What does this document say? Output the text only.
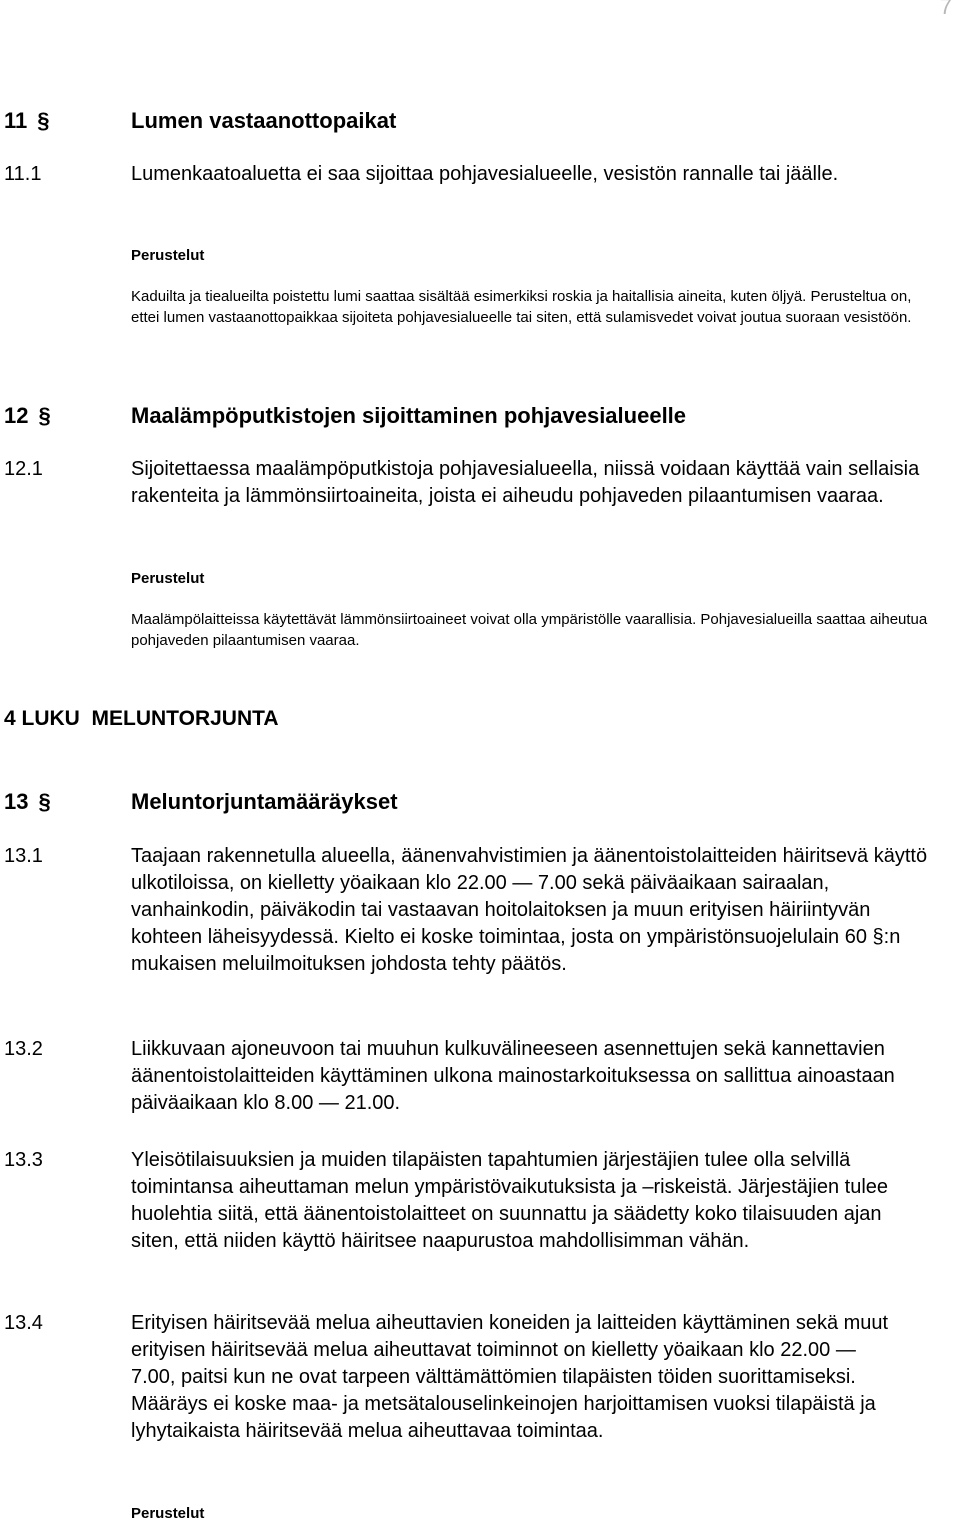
7
11 §	Lumen vastaanottopaikat
11.1	Lumenkaatoaluetta ei saa sijoittaa pohjavesialueelle, vesistön rannalle tai jäälle.
Perustelut
Kaduilta ja tiealueilta poistettu lumi saattaa sisältää esimerkiksi roskia ja haitallisia aineita, kuten öljyä. Perusteltua on, ettei lumen vastaanottopaikkaa sijoiteta pohjavesialueelle tai siten, että sulamisvedet voivat joutua suoraan vesistöön.
12 §	Maalämpöputkistojen sijoittaminen pohjavesialueelle
12.1	Sijoitettaessa maalämpöputkistoja pohjavesialueella, niissä voidaan käyttää vain sellaisia rakenteita ja lämmönsiirtoaineita, joista ei aiheudu pohjaveden pilaantumisen vaaraa.
Perustelut
Maalämpölaitteissa käytettävät lämmönsiirtoaineet voivat olla ympäristölle vaarallisia. Pohjavesialueilla saattaa aiheutua pohjaveden pilaantumisen vaaraa.
4 LUKU MELUNTORJUNTA
13 §	Meluntorjuntamääräykset
13.1	Taajaan rakennetulla alueella, äänenvahvistimien ja äänentoistolaitteiden häiritsevä käyttö ulkotiloissa, on kielletty yöaikaan klo 22.00 — 7.00 sekä päiväaikaan sairaalan, vanhainkodin, päiväkodin tai vastaavan hoitolaitoksen ja muun erityisen häiriintyvän kohteen läheisyydessä. Kielto ei koske toimintaa, josta on ympäristönsuojelulain 60 §:n mukaisen meluilmoituksen johdosta tehty päätös.
13.2	Liikkuvaan ajoneuvoon tai muuhun kulkuvälineeseen asennettujen sekä kannettavien äänentoistolaitteiden käyttäminen ulkona mainostarkoituksessa on sallittua ainoastaan päiväaikaan klo 8.00 — 21.00.
13.3	Yleisötilaisuuksien ja muiden tilapäisten tapahtumien järjestäjien tulee olla selvillä toimintansa aiheuttaman melun ympäristövaikutuksista ja –riskeistä. Järjestäjien tulee huolehtia siitä, että äänentoistolaitteet on suunnattu ja säädetty koko tilaisuuden ajan siten, että niiden käyttö häiritsee naapurustoa mahdollisimman vähän.
13.4	Erityisen häiritsevää melua aiheuttavien koneiden ja laitteiden käyttäminen sekä muut erityisen häiritsevää melua aiheuttavat toiminnot on kielletty yöaikaan klo 22.00 — 7.00, paitsi kun ne ovat tarpeen välttämättömien tilapäisten töiden suorittamiseksi. Määräys ei koske maa- ja metsätalouselinkeinojen harjoittamisen vuoksi tilapäistä ja lyhytaikaista häiritsevää melua aiheuttavaa toimintaa.
Perustelut
